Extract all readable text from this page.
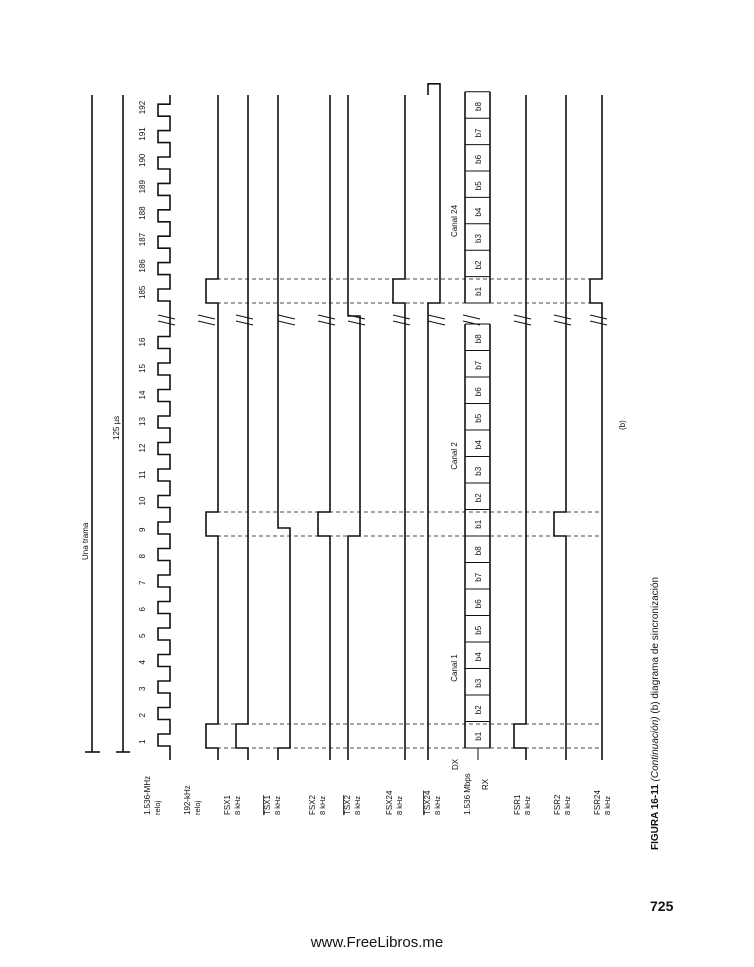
1.536-MHz reloj	192-kHz reloj	FSX1 8 kHz	TSX1 8 kHz	FSX2 8 kHz TSX2 8 kHz	FSX24 8 kHz TSX24 8 kHz	1.536 Mbps	FSR1 8 kHz	FSR2 8 kHz	FSR24 8 kHz
DX
RX
1
2
3
4
5
6
7
8
9
10
11
12
13
14
15
16
185
186
187
188
189
190
191
192
Una trama
125 µs
b1
b2
b3
b4
b5
b6
b7
b8
Canal 1
b1
b2
b3
b4
b5
b6
b7
b8
Canal 2
b1
b2
b3
b4
b5
b6
b7
b8
Canal 24
(b)
FIGURA 16-11 (Continuación) (b) diagrama de sincronización
725
www.FreeLibros.me
